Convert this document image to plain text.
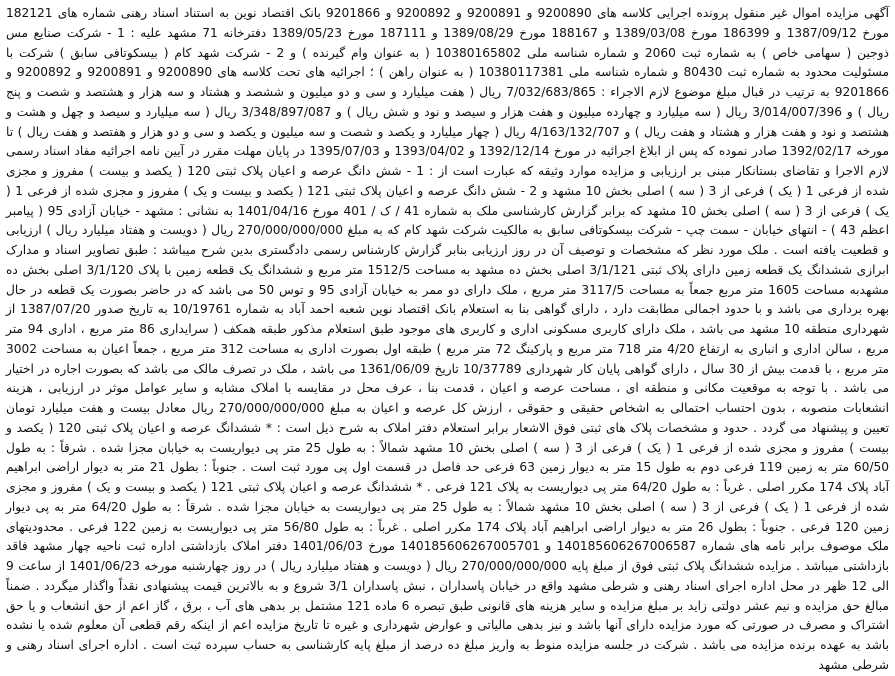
آگهی مزایده اموال غیر منقول پرونده اجرایی کلاسه های 9200890 و 9200891 و 9200892 و 9201866 بانک اقتصاد نوین به استناد اسناد رهنی شماره های 182121 مورخ 1387/09/12 و 186399 مورخ 1389/03/08 و 188167 مورخ 1389/08/29 و 187111 مورخ 1389/05/23 دفترخانه 71 مشهد علیه : 1 - شرکت صنایع مس ذوجین ( سهامی خاص ) به شماره ثبت 2060 و شماره شناسه ملی 10380165802 ( به عنوان وام گیرنده ) و 2 - شرکت شهد کام ( بیسکوتافی سابق ) شرکت با مسئولیت محدود به شماره ثبت 80430 و شماره شناسه ملی 10380117381 ( به عنوان راهن ) ؛ اجرائیه های تحت کلاسه های 9200890 و 9200891 و 9200892 و 9201866 به ترتیب در قبال مبلغ موضوع لازم الاجراء : 7/032/683/865 ریال ( هفت میلیارد و سی و دو میلیون و ششصد و هشتاد و سه هزار و هشتصد و شصت و پنج ریال ) و 3/014/007/396 ریال ( سه میلیارد و چهارده میلیون و هفت هزار و سیصد و نود و شش ریال ) و 3/348/897/087 ریال ( سه میلیارد و سیصد و چهل و هشت و هشتصد و نود و هفت هزار و هشتاد و هفت ریال ) و 4/163/132/707 ریال ( چهار میلیارد و یکصد و شصت و سه میلیون و یکصد و سی و دو هزار و هفتصد و هفت ریال ) تا مورخه 1392/02/17 صادر نموده که پس از ابلاغ اجرائیه در مورخ 1392/12/14 و 1393/04/02 و 1395/07/03 در پایان مهلت مقرر در آیین نامه اجرائیه مفاد اسناد رسمی لازم الاجرا و تقاضای بستانکار مبنی بر ارزیابی و مزایده موارد وثیقه که عبارت است از : 1 - شش دانگ عرصه و اعیان پلاک ثبتی 120 ( یکصد و بیست ) مفروز و مجزی شده از فرعی 1 ( یک ) فرعی از 3 ( سه ) اصلی بخش 10 مشهد و 2 - شش دانگ عرصه و اعیان پلاک ثبتی 121 ( یکصد و بیست و یک ) مفروز و مجزی شده از فرعی 1 ( یک ) فرعی از 3 ( سه ) اصلی بخش 10 مشهد که برابر گزارش کارشناسی ملک به شماره 41 / ک / 401 مورخ 1401/04/16 به نشانی : مشهد - خیابان آزادی 95 ( پیامبر اعظم 43 ) - انتهای خیابان - سمت چپ - شرکت بیسکوتافی سابق به مالکیت شرکت شهد کام که به مبلغ 270/000/000/000 ریال ( دویست و هفتاد میلیارد ریال ) ارزیابی و قطعیت یافته است . ملک مورد نظر که مشخصات و توصیف آن در روز ارزیابی بنابر گزارش کارشناس رسمی دادگستری بدین شرح میباشد : طبق تصاویر اسناد و مدارک ابرازی ششدانگ یک قطعه زمین دارای پلاک ثبتی 3/1/121 اصلی بخش ده مشهد به مساحت 1512/5 متر مربع و ششدانگ یک قطعه زمین با پلاک 3/1/120 اصلی بخش ده مشهدبه مساحت 1605 متر مربع جمعاً به مساحت 3117/5 متر مربع ، ملک دارای دو ممر به خیابان آزادی 95 و توس 50 می باشد که در حاضر بصورت یک قطعه در حال بهره برداری می باشد و با حدود اجمالی مطابقت دارد ، دارای گواهی بنا به استعلام بانک اقتصاد نوین شعبه احمد آباد به شماره 10/19761 به تاریخ صدور 1387/07/20 از شهرداری منطقه 10 مشهد می باشد ، ملک دارای کاربری مسکونی اداری و کاربری های موجود طبق استعلام مذکور طبقه همکف ( سرایداری 86 متر مربع ، اداری 94 متر مربع ، سالن اداری و انباری به ارتفاع 4/20 متر 718 متر مربع و پارکینگ 72 متر مربع ) طبقه اول بصورت اداری به مساحت 312 متر مربع ، جمعاً اعیان به مساحت 3002 متر مربع ، با قدمت بیش از 30 سال ، دارای گواهی پایان کار شهرداری 10/37789 تاریخ 1361/06/09 می باشد ، ملک در تصرف مالک می باشد که بصورت اجاره در اختیار می باشد . با توجه به موقعیت مکانی و منطقه ای ، مساحت عرصه و اعیان ، قدمت بنا ، عرف محل در مقایسه با املاک مشابه و سایر عوامل موثر در ارزیابی ، هزینه انشعابات منصوبه ، بدون احتساب احتمالی به اشخاص حقیقی و حقوقی ، ارزش کل عرصه و اعیان به مبلغ 270/000/000/000 ریال معادل بیست و هفت میلیارد تومان تعیین و پیشنهاد می گردد . حدود و مشخصات پلاک های ثبتی فوق الاشعار برابر استعلام دفتر املاک به شرح ذیل است : * ششدانگ عرصه و اعیان پلاک ثبتی 120 ( یکصد و بیست ) مفروز و مجزی شده از فرعی 1 ( یک ) فرعی از 3 ( سه ) اصلی بخش 10 مشهد شمالاً : به طول 25 متر پی دیواریست به خیابان مجزا شده . شرقاً : به طول 60/50 متر به زمین 119 فرعی دوم به طول 15 متر به دیوار زمین 63 فرعی حد فاصل در قسمت اول پی مورد ثبت است . جنوباً : بطول 21 متر به دیوار اراضی ابراهیم آباد پلاک 174 مکرر اصلی . غرباً : به طول 64/20 متر پی دیواریست به پلاک 121 فرعی . * ششدانگ عرصه و اعیان پلاک ثبتی 121 ( یکصد و بیست و یک ) مفروز و مجزی شده از فرعی 1 ( یک ) فرعی از 3 ( سه ) اصلی بخش 10 مشهد شمالاً : به طول 25 متر پی دیواریست به خیابان مجزا شده . شرقاً : به طول 64/20 متر به پی دیوار زمین 120 فرعی . جنوباً : بطول 26 متر به دیوار اراضی ابراهیم آباد پلاک 174 مکرر اصلی . غرباً : به طول 56/80 متر پی دیواریست به زمین 122 فرعی . محدودیتهای ملک موصوف برابر نامه های شماره 140185606267006587 و 140185606267005701 مورخ 1401/06/03 دفتر املاک بازداشتی اداره ثبت ناحیه چهار مشهد فاقد بازداشتی میباشد . مزایده ششدانگ پلاک ثبتی فوق از مبلغ پایه 270/000/000/000 ریال ( دویست و هفتاد میلیارد ریال ) در روز چهارشنبه مورخه 1401/06/23 از ساعت 9 الی 12 ظهر در محل اداره اجرای اسناد رهنی و شرطی مشهد واقع در خیابان پاسداران ، نبش پاسداران 3/1 شروع و به بالاترین قیمت پیشنهادی نقداً واگذار میگردد . ضمناً مبالغ حق مزایده و نیم عشر دولتی زاید بر مبلغ مزایده و سایر هزینه های قانونی طبق تبصره 6 ماده 121 مشتمل بر بدهی های آب ، برق ، گاز اعم از حق انشعاب و یا حق اشتراک و مصرف در صورتی که مورد مزایده دارای آنها باشد و نیز بدهی مالیاتی و عوارض شهرداری و غیره تا تاریخ مزایده اعم از اینکه رقم قطعی آن معلوم شده یا نشده باشد به عهده برنده مزایده می باشد . شرکت در جلسه مزایده منوط به واریز مبلغ ده درصد از مبلغ پایه کارشناسی به حساب سپرده ثبت است . اداره اجرای اسناد رهنی و شرطی مشهد
